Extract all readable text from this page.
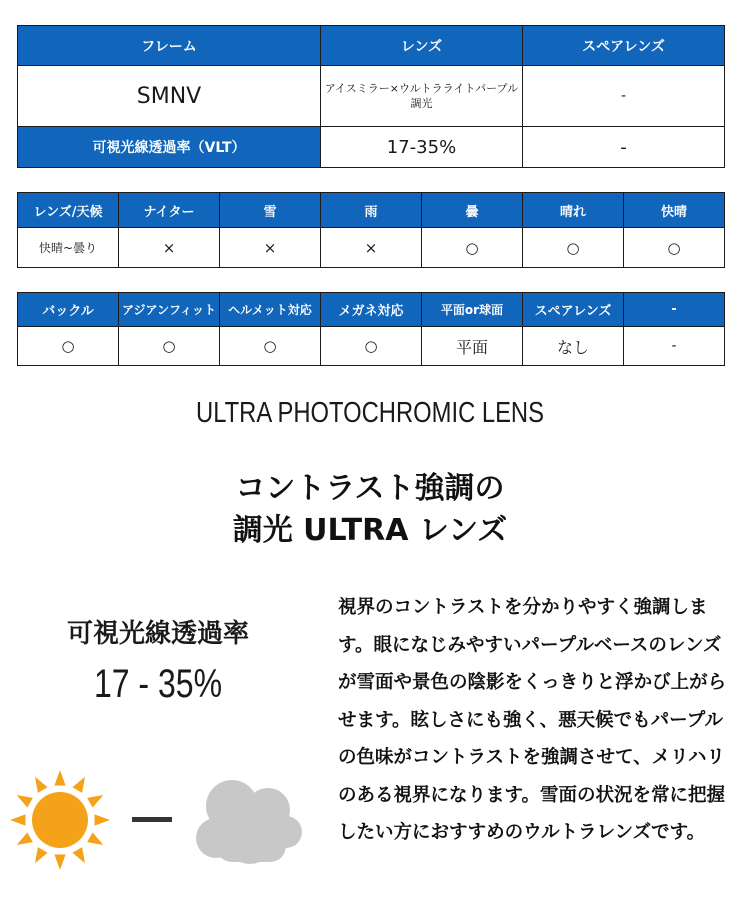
フレーム	レンズ	スペアレンズ
SMNV	アイスミラー×ウルトラライトパープル調光	-
可視光線透過率（VLT）	17-35%	-
レンズ/天候	ナイター	雪	雨	曇	晴れ	快晴
快晴~曇り	×	×	×	○	○	○
バックル	アジアンフィット	ヘルメット対応	メガネ対応	平面or球面	スペアレンズ	-
○	○	○	○	平面	なし	-
ULTRA PHOTOCHROMIC LENS
コントラスト強調の
調光 ULTRA レンズ
可視光線透過率
17 - 35%
視界のコントラストを分かりやすく強調します。眼になじみやすいパープルベースのレンズが雪面や景色の陰影をくっきりと浮かび上がらせます。眩しさにも強く、悪天候でもパープルの色味がコントラストを強調させて、メリハリのある視界になります。雪面の状況を常に把握したい方におすすめのウルトラレンズです。
